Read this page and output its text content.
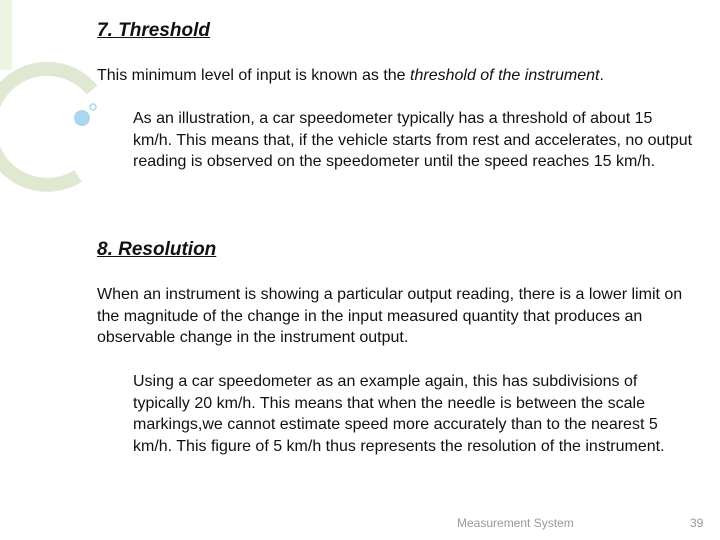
7. Threshold

This minimum level of input is known as the threshold of the instrument.

As an illustration, a car speedometer typically has a threshold of about 15 km/h. This means that, if the vehicle starts from rest and accelerates, no output reading is observed on the speedometer until the speed reaches 15 km/h.

8. Resolution

When an instrument is showing a particular output reading, there is a lower limit on the magnitude of the change in the input measured quantity that produces an observable change in the instrument output.

Using a car speedometer as an example again, this has subdivisions of typically 20 km/h. This means that when the needle is between the scale markings,we cannot estimate speed more accurately than to the nearest 5 km/h. This figure of 5 km/h thus represents the resolution of the instrument.

Measurement System	39
